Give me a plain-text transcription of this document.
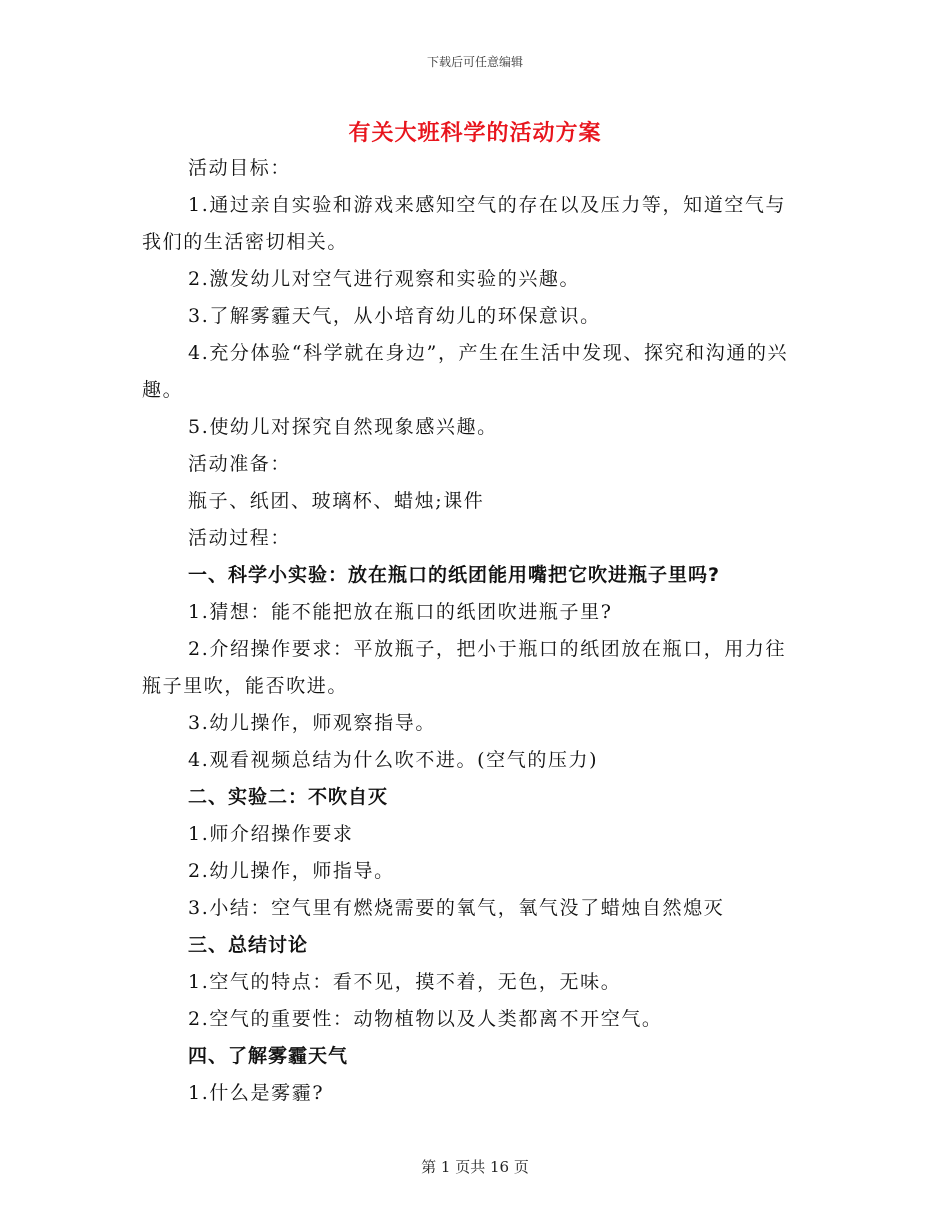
下载后可任意编辑
有关大班科学的活动方案

活动目标：

1.通过亲自实验和游戏来感知空气的存在以及压力等，知道空气与我们的生活密切相关。

2.激发幼儿对空气进行观察和实验的兴趣。

3.了解雾霾天气，从小培育幼儿的环保意识。

4.充分体验“科学就在身边”，产生在生活中发现、探究和沟通的兴趣。

5.使幼儿对探究自然现象感兴趣。

活动准备：

瓶子、纸团、玻璃杯、蜡烛;课件

活动过程：

一、科学小实验：放在瓶口的纸团能用嘴把它吹进瓶子里吗?

1.猜想：能不能把放在瓶口的纸团吹进瓶子里?

2.介绍操作要求：平放瓶子，把小于瓶口的纸团放在瓶口，用力往瓶子里吹，能否吹进。

3.幼儿操作，师观察指导。

4.观看视频总结为什么吹不进。(空气的压力)

二、实验二：不吹自灭

1.师介绍操作要求

2.幼儿操作，师指导。

3.小结：空气里有燃烧需要的氧气，氧气没了蜡烛自然熄灭

三、总结讨论

1.空气的特点：看不见，摸不着，无色，无味。

2.空气的重要性：动物植物以及人类都离不开空气。

四、了解雾霾天气

1.什么是雾霾?

第 1 页共 16 页
